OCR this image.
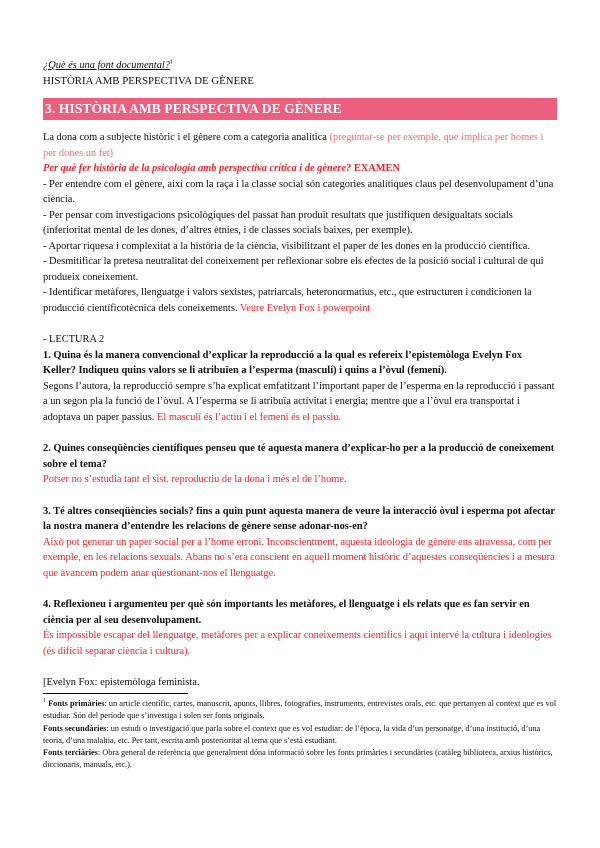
¿Què és una font documental?$^1$

HISTÒRIA AMB PERSPECTIVA DE GÈNERE

3. HISTÒRIA AMB PERSPECTIVA DE GÈNERE

La dona com a subjecte històric i el gènere com a categoria analítica (preguntar-se per exemple, que implica per homes i per dones un fet)

Per què fer història de la psicologia amb perspectiva crítica i de gènere? EXAMEN

- Per entendre com el gènere, així com la raça i la classe social són categories analítiques claus pel desenvolupament d’una ciència.

- Per pensar com investigacions psicològiques del passat han produït resultats que justifiquen desigualtats socials (inferioritat mental de les dones, d’altres ètnies, i de classes socials baixes, per exemple).

- Aportar riquesa i complexitat a la història de la ciència, visibilitzant el paper de les dones en la producció científica.

- Desmitificar la pretesa neutralitat del coneixement per reflexionar sobre els efectes de la posició social i cultural de qui produeix coneixement.

- Identificar metàfores, llenguatge i valors sexistes, patriarcals, heteronormatius, etc., que estructuren i condicionen la producció científicotècnica dels coneixements. Veure Evelyn Fox i powerpoint

- LECTURA 2

1. Quina és la manera convencional d’explicar la reproducció a la qual es refereix l’epistemòloga Evelyn Fox Keller? Indiqueu quins valors se li atribuïen a l’esperma (masculí) i quins a l’òvul (femení).

Segons l’autora, la reproducció sempre s’ha explicat emfatitzant l’important paper de l’esperma en la reproducció i passant a un segon pla la funció de l’òvul. A l’esperma se li atribuïa activitat i energia; mentre que a l’òvul era transportat i adoptava un paper passius. El masculí és l’actiu i el femení és el passiu.

2. Quines conseqüències científiques penseu que té aquesta manera d’explicar-ho per a la producció de coneixement sobre el tema?

Potser no s’estudia tant el sist. reproductiu de la dona i més el de l’home.

3. Té altres conseqüències socials? fins a quin punt aquesta manera de veure la interacció òvul i esperma pot afectar la nostra manera d’entendre les relacions de gènere sense adonar-nos-en?

Això pot generar un paper social per a l’home erroni. Inconscientment, aquesta ideologia de gènere ens atravessa, com per exemple, en les relacions sexuals. Abans no s’era conscient en aquell moment històric d’aquestes conseqüències i a mesura que avancem podem anar qüestionant-nos el llenguatge.

4. Reflexioneu i argumenteu per què són importants les metàfores, el llenguatge i els relats que es fan servir en ciència per al seu desenvolupament.

És impossible escapar del llenguatge, metàfores per a explicar coneixements científics i aquí intervé la cultura i ideologies (és difícil separar ciència i cultura).

[Evelyn Fox: epistemòloga feminista.

$^1$ Fonts primàries: un article científic, cartes, manuscrit, apunts, llibres, fotografies, instruments, entrevistes orals, etc. que pertanyen al context que es vol estudiar. Són del període que s’investiga i solen ser fonts originals.

Fonts secundàries: un estudi o investigació que parla sobre el context que es vol estudiar: de l’època, la vida d’un personatge, d’una institució, d’una teoria, d’una malaltia, etc. Per tant, escrita amb posterioritat al tema que s’està estudiant.

Fonts terciàries: Obra general de referència que generalment dóna informació sobre les fonts primàries i secundàries (catàleg biblioteca, arxius històrics, diccionaris, manuals, etc.).
